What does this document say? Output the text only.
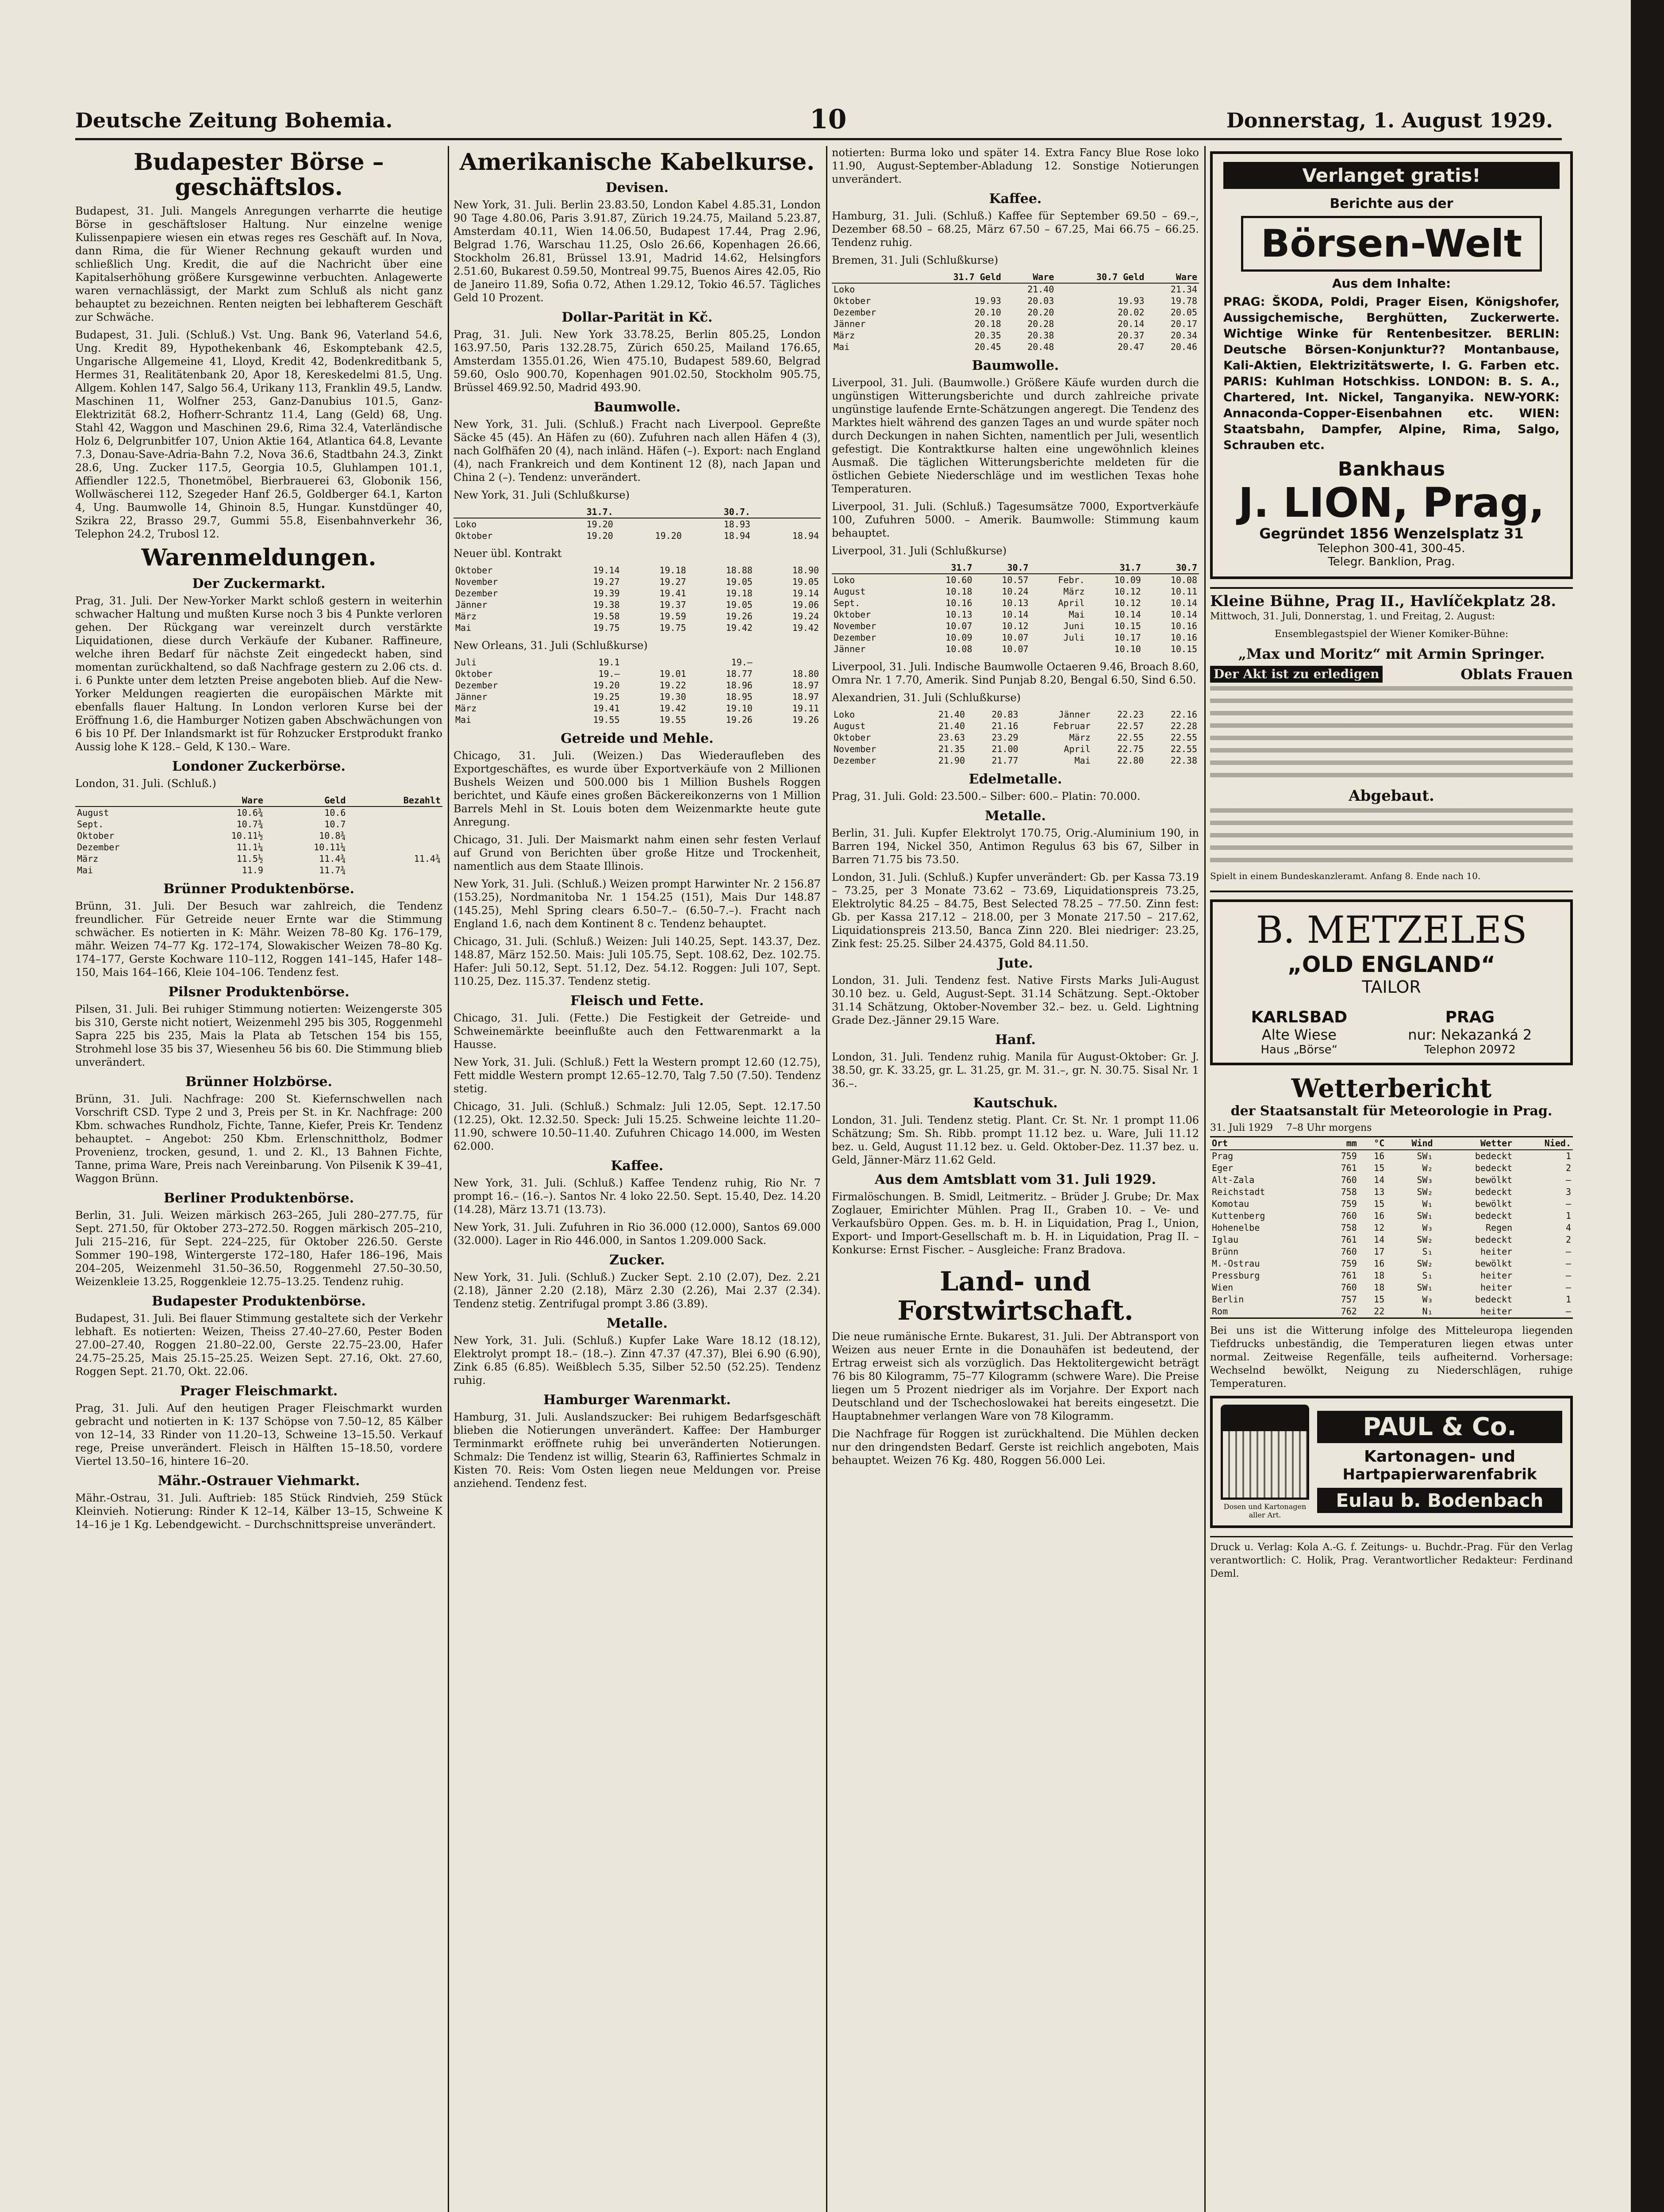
Deutsche Zeitung Bohemia.	10	Donnerstag, 1. August 1929.
Budapester Börse – geschäftslos.

Budapest, 31. Juli. Mangels Anregungen verharrte die heutige Börse in geschäftsloser Haltung. Nur einzelne wenige Kulissenpapiere wiesen ein etwas reges res Geschäft auf. In Nova, dann Rima, die für Wiener Rechnung gekauft wurden und schließlich Ung. Kredit, die auf die Nachricht über eine Kapitalserhöhung größere Kursgewinne verbuchten. Anlagewerte waren vernachlässigt, der Markt zum Schluß als nicht ganz behauptet zu bezeichnen. Renten neigten bei lebhafterem Geschäft zur Schwäche.

Budapest, 31. Juli. (Schluß.) Vst. Ung. Bank 96, Vaterland 54.6, Ung. Kredit 89, Hypothekenbank 46, Eskomptebank 42.5, Ungarische Allgemeine 41, Lloyd, Kredit 42, Bodenkreditbank 5, Hermes 31, Realitätenbank 20, Apor 18, Kereskedelmi 81.5, Ung. Allgem. Kohlen 147, Salgo 56.4, Urikany 113, Franklin 49.5, Landw. Maschinen 11, Wolfner 253, Ganz-Danubius 101.5, Ganz-Elektrizität 68.2, Hofherr-Schrantz 11.4, Lang (Geld) 68, Ung. Stahl 42, Waggon und Maschinen 29.6, Rima 32.4, Vaterländische Holz 6, Delgrunbitfer 107, Union Aktie 164, Atlantica 64.8, Levante 7.3, Donau-Save-Adria-Bahn 7.2, Nova 36.6, Stadtbahn 24.3, Zinkt 28.6, Ung. Zucker 117.5, Georgia 10.5, Gluhlampen 101.1, Affiendler 122.5, Thonetmöbel, Bierbrauerei 63, Globonik 156, Wollwäscherei 112, Szegeder Hanf 26.5, Goldberger 64.1, Karton 4, Ung. Baumwolle 14, Ghinoin 8.5, Hungar. Kunstdünger 40, Szikra 22, Brasso 29.7, Gummi 55.8, Eisenbahnverkehr 36, Telephon 24.2, Trubosl 12.

Warenmeldungen.
Der Zuckermarkt.

Prag, 31. Juli. Der New-Yorker Markt schloß gestern in weiterhin schwacher Haltung und mußten Kurse noch 3 bis 4 Punkte verloren gehen. Der Rückgang war vereinzelt durch verstärkte Liquidationen, diese durch Verkäufe der Kubaner. Raffineure, welche ihren Bedarf für nächste Zeit eingedeckt haben, sind momentan zurückhaltend, so daß Nachfrage gestern zu 2.06 cts. d. i. 6 Punkte unter dem letzten Preise angeboten blieb. Auf die New-Yorker Meldungen reagierten die europäischen Märkte mit ebenfalls flauer Haltung. In London verloren Kurse bei der Eröffnung 1.6, die Hamburger Notizen gaben Abschwächungen von 6 bis 10 Pf. Der Inlandsmarkt ist für Rohzucker Erstprodukt franko Aussig lohe K 128.– Geld, K 130.– Ware.

Londoner Zuckerbörse.

London, 31. Juli. (Schluß.)

	Ware	Geld	Bezahlt
August	10.6¾	10.6	
Sept.	10.7¾	10.7	
Oktober	10.11½	10.8¾	
Dezember	11.1¼	10.11¼	
März	11.5½	11.4¾	11.4¾
Mai	11.9	11.7¾	
Brünner Produktenbörse.

Brünn, 31. Juli. Der Besuch war zahlreich, die Tendenz freundlicher. Für Getreide neuer Ernte war die Stimmung schwächer. Es notierten in K: Mähr. Weizen 78–80 Kg. 176–179, mähr. Weizen 74–77 Kg. 172–174, Slowakischer Weizen 78–80 Kg. 174–177, Gerste Kochware 110–112, Roggen 141–145, Hafer 148–150, Mais 164–166, Kleie 104–106. Tendenz fest.

Pilsner Produktenbörse.

Pilsen, 31. Juli. Bei ruhiger Stimmung notierten: Weizengerste 305 bis 310, Gerste nicht notiert, Weizenmehl 295 bis 305, Roggenmehl Sapra 225 bis 235, Mais la Plata ab Tetschen 154 bis 155, Strohmehl lose 35 bis 37, Wiesenheu 56 bis 60. Die Stimmung blieb unverändert.

Brünner Holzbörse.

Brünn, 31. Juli. Nachfrage: 200 St. Kiefernschwellen nach Vorschrift CSD. Type 2 und 3, Preis per St. in Kr. Nachfrage: 200 Kbm. schwaches Rundholz, Fichte, Tanne, Kiefer, Preis Kr. Tendenz behauptet. – Angebot: 250 Kbm. Erlenschnittholz, Bodmer Provenienz, trocken, gesund, 1. und 2. Kl., 13 Bahnen Fichte, Tanne, prima Ware, Preis nach Vereinbarung. Von Pilsenik K 39–41, Waggon Brünn.

Berliner Produktenbörse.

Berlin, 31. Juli. Weizen märkisch 263–265, Juli 280–277.75, für Sept. 271.50, für Oktober 273–272.50. Roggen märkisch 205–210, Juli 215–216, für Sept. 224–225, für Oktober 226.50. Gerste Sommer 190–198, Wintergerste 172–180, Hafer 186–196, Mais 204–205, Weizenmehl 31.50–36.50, Roggenmehl 27.50–30.50, Weizenkleie 13.25, Roggenkleie 12.75–13.25. Tendenz ruhig.

Budapester Produktenbörse.

Budapest, 31. Juli. Bei flauer Stimmung gestaltete sich der Verkehr lebhaft. Es notierten: Weizen, Theiss 27.40–27.60, Pester Boden 27.00–27.40, Roggen 21.80–22.00, Gerste 22.75–23.00, Hafer 24.75–25.25, Mais 25.15–25.25. Weizen Sept. 27.16, Okt. 27.60, Roggen Sept. 21.70, Okt. 22.06.

Prager Fleischmarkt.

Prag, 31. Juli. Auf den heutigen Prager Fleischmarkt wurden gebracht und notierten in K: 137 Schöpse von 7.50–12, 85 Kälber von 12–14, 33 Rinder von 11.20–13, Schweine 13–15.50. Verkauf rege, Preise unverändert. Fleisch in Hälften 15–18.50, vordere Viertel 13.50–16, hintere 16–20.

Mähr.-Ostrauer Viehmarkt.

Mähr.-Ostrau, 31. Juli. Auftrieb: 185 Stück Rindvieh, 259 Stück Kleinvieh. Notierung: Rinder K 12–14, Kälber 13–15, Schweine K 14–16 je 1 Kg. Lebendgewicht. – Durchschnittspreise unverändert.

Amerikanische Kabelkurse.
Devisen.

New York, 31. Juli. Berlin 23.83.50, London Kabel 4.85.31, London 90 Tage 4.80.06, Paris 3.91.87, Zürich 19.24.75, Mailand 5.23.87, Amsterdam 40.11, Wien 14.06.50, Budapest 17.44, Prag 2.96, Belgrad 1.76, Warschau 11.25, Oslo 26.66, Kopenhagen 26.66, Stockholm 26.81, Brüssel 13.91, Madrid 14.62, Helsingfors 2.51.60, Bukarest 0.59.50, Montreal 99.75, Buenos Aires 42.05, Rio de Janeiro 11.89, Sofia 0.72, Athen 1.29.12, Tokio 46.57. Tägliches Geld 10 Prozent.

Dollar-Parität in Kč.

Prag, 31. Juli. New York 33.78.25, Berlin 805.25, London 163.97.50, Paris 132.28.75, Zürich 650.25, Mailand 176.65, Amsterdam 1355.01.26, Wien 475.10, Budapest 589.60, Belgrad 59.60, Oslo 900.70, Kopenhagen 901.02.50, Stockholm 905.75, Brüssel 469.92.50, Madrid 493.90.

Baumwolle.

New York, 31. Juli. (Schluß.) Fracht nach Liverpool. Gepreßte Säcke 45 (45). An Häfen zu (60). Zufuhren nach allen Häfen 4 (3), nach Golfhäfen 20 (4), nach inländ. Häfen (–). Export: nach England (4), nach Frankreich und dem Kontinent 12 (8), nach Japan und China 2 (–). Tendenz: unverändert.

New York, 31. Juli (Schlußkurse)

	31.7.		30.7.	
Loko	19.20		18.93	
Oktober	19.20	19.20	18.94	18.94

Neuer übl. Kontrakt

Oktober	19.14	19.18	18.88	18.90
November	19.27	19.27	19.05	19.05
Dezember	19.39	19.41	19.18	19.14
Jänner	19.38	19.37	19.05	19.06
März	19.58	19.59	19.26	19.24
Mai	19.75	19.75	19.42	19.42

New Orleans, 31. Juli (Schlußkurse)

Juli	19.1		19.–	
Oktober	19.–	19.01	18.77	18.80
Dezember	19.20	19.22	18.96	18.97
Jänner	19.25	19.30	18.95	18.97
März	19.41	19.42	19.10	19.11
Mai	19.55	19.55	19.26	19.26
Getreide und Mehle.

Chicago, 31. Juli. (Weizen.) Das Wiederaufleben des Exportgeschäftes, es wurde über Exportverkäufe von 2 Millionen Bushels Weizen und 500.000 bis 1 Million Bushels Roggen berichtet, und Käufe eines großen Bäckereikonzerns von 1 Million Barrels Mehl in St. Louis boten dem Weizenmarkte heute gute Anregung.

Chicago, 31. Juli. Der Maismarkt nahm einen sehr festen Verlauf auf Grund von Berichten über große Hitze und Trockenheit, namentlich aus dem Staate Illinois.

New York, 31. Juli. (Schluß.) Weizen prompt Harwinter Nr. 2 156.87 (153.25), Nordmanitoba Nr. 1 154.25 (151), Mais Dur 148.87 (145.25), Mehl Spring clears 6.50–7.– (6.50–7.–). Fracht nach England 1.6, nach dem Kontinent 8 c. Tendenz behauptet.

Chicago, 31. Juli. (Schluß.) Weizen: Juli 140.25, Sept. 143.37, Dez. 148.87, März 152.50. Mais: Juli 105.75, Sept. 108.62, Dez. 102.75. Hafer: Juli 50.12, Sept. 51.12, Dez. 54.12. Roggen: Juli 107, Sept. 110.25, Dez. 115.37. Tendenz stetig.

Fleisch und Fette.

Chicago, 31. Juli. (Fette.) Die Festigkeit der Getreide- und Schweinemärkte beeinflußte auch den Fettwarenmarkt a la Hausse.

New York, 31. Juli. (Schluß.) Fett la Western prompt 12.60 (12.75), Fett middle Western prompt 12.65–12.70, Talg 7.50 (7.50). Tendenz stetig.

Chicago, 31. Juli. (Schluß.) Schmalz: Juli 12.05, Sept. 12.17.50 (12.25), Okt. 12.32.50. Speck: Juli 15.25. Schweine leichte 11.20–11.90, schwere 10.50–11.40. Zufuhren Chicago 14.000, im Westen 62.000.

Kaffee.

New York, 31. Juli. (Schluß.) Kaffee Tendenz ruhig, Rio Nr. 7 prompt 16.– (16.–). Santos Nr. 4 loko 22.50. Sept. 15.40, Dez. 14.20 (14.28), März 13.71 (13.73).

New York, 31. Juli. Zufuhren in Rio 36.000 (12.000), Santos 69.000 (32.000). Lager in Rio 446.000, in Santos 1.209.000 Sack.

Zucker.

New York, 31. Juli. (Schluß.) Zucker Sept. 2.10 (2.07), Dez. 2.21 (2.18), Jänner 2.20 (2.18), März 2.30 (2.26), Mai 2.37 (2.34). Tendenz stetig. Zentrifugal prompt 3.86 (3.89).

Metalle.

New York, 31. Juli. (Schluß.) Kupfer Lake Ware 18.12 (18.12), Elektrolyt prompt 18.– (18.–). Zinn 47.37 (47.37), Blei 6.90 (6.90), Zink 6.85 (6.85). Weißblech 5.35, Silber 52.50 (52.25). Tendenz ruhig.

Hamburger Warenmarkt.

Hamburg, 31. Juli. Auslandszucker: Bei ruhigem Bedarfsgeschäft blieben die Notierungen unverändert. Kaffee: Der Hamburger Terminmarkt eröffnete ruhig bei unveränderten Notierungen. Schmalz: Die Tendenz ist willig, Stearin 63, Raffiniertes Schmalz in Kisten 70. Reis: Vom Osten liegen neue Meldungen vor. Preise anziehend. Tendenz fest.

notierten: Burma loko und später 14. Extra Fancy Blue Rose loko 11.90, August-September-Abladung 12. Sonstige Notierungen unverändert.

Kaffee.

Hamburg, 31. Juli. (Schluß.) Kaffee für September 69.50 – 69.–, Dezember 68.50 – 68.25, März 67.50 – 67.25, Mai 66.75 – 66.25. Tendenz ruhig.

Bremen, 31. Juli (Schlußkurse)

	31.7 Geld	Ware	30.7 Geld	Ware
Loko		21.40		21.34
Oktober	19.93	20.03	19.93	19.78
Dezember	20.10	20.20	20.02	20.05
Jänner	20.18	20.28	20.14	20.17
März	20.35	20.38	20.37	20.34
Mai	20.45	20.48	20.47	20.46
Baumwolle.

Liverpool, 31. Juli. (Baumwolle.) Größere Käufe wurden durch die ungünstigen Witterungsberichte und durch zahlreiche private ungünstige laufende Ernte-Schätzungen angeregt. Die Tendenz des Marktes hielt während des ganzen Tages an und wurde später noch durch Deckungen in nahen Sichten, namentlich per Juli, wesentlich gefestigt. Die Kontraktkurse halten eine ungewöhnlich kleines Ausmaß. Die täglichen Witterungsberichte meldeten für die östlichen Gebiete Niederschläge und im westlichen Texas hohe Temperaturen.

Liverpool, 31. Juli. (Schluß.) Tagesumsätze 7000, Exportverkäufe 100, Zufuhren 5000. – Amerik. Baumwolle: Stimmung kaum behauptet.

Liverpool, 31. Juli (Schlußkurse)

	31.7	30.7		31.7	30.7
Loko	10.60	10.57	Febr.	10.09	10.08
August	10.18	10.24	März	10.12	10.11
Sept.	10.16	10.13	April	10.12	10.14
Oktober	10.13	10.14	Mai	10.14	10.14
November	10.07	10.12	Juni	10.15	10.16
Dezember	10.09	10.07	Juli	10.17	10.16
Jänner	10.08	10.07		10.10	10.15

Liverpool, 31. Juli. Indische Baumwolle Octaeren 9.46, Broach 8.60, Omra Nr. 1 7.70, Amerik. Sind Punjab 8.20, Bengal 6.50, Sind 6.50.

Alexandrien, 31. Juli (Schlußkurse)

Loko	21.40	20.83	Jänner	22.23	22.16
August	21.40	21.16	Februar	22.57	22.28
Oktober	23.63	23.29	März	22.55	22.55
November	21.35	21.00	April	22.75	22.55
Dezember	21.90	21.77	Mai	22.80	22.38
Edelmetalle.

Prag, 31. Juli. Gold: 23.500.– Silber: 600.– Platin: 70.000.

Metalle.

Berlin, 31. Juli. Kupfer Elektrolyt 170.75, Orig.-Aluminium 190, in Barren 194, Nickel 350, Antimon Regulus 63 bis 67, Silber in Barren 71.75 bis 73.50.

London, 31. Juli. (Schluß.) Kupfer unverändert: Gb. per Kassa 73.19 – 73.25, per 3 Monate 73.62 – 73.69, Liquidationspreis 73.25, Elektrolytic 84.25 – 84.75, Best Selected 78.25 – 77.50. Zinn fest: Gb. per Kassa 217.12 – 218.00, per 3 Monate 217.50 – 217.62, Liquidationspreis 213.50, Banca Zinn 220. Blei niedriger: 23.25, Zink fest: 25.25. Silber 24.4375, Gold 84.11.50.

Jute.

London, 31. Juli. Tendenz fest. Native Firsts Marks Juli-August 30.10 bez. u. Geld, August-Sept. 31.14 Schätzung. Sept.-Oktober 31.14 Schätzung, Oktober-November 32.– bez. u. Geld. Lightning Grade Dez.-Jänner 29.15 Ware.

Hanf.

London, 31. Juli. Tendenz ruhig. Manila für August-Oktober: Gr. J. 38.50, gr. K. 33.25, gr. L. 31.25, gr. M. 31.–, gr. N. 30.75. Sisal Nr. 1 36.–.

Kautschuk.

London, 31. Juli. Tendenz stetig. Plant. Cr. St. Nr. 1 prompt 11.06 Schätzung; Sm. Sh. Ribb. prompt 11.12 bez. u. Ware, Juli 11.12 bez. u. Geld, August 11.12 bez. u. Geld. Oktober-Dez. 11.37 bez. u. Geld, Jänner-März 11.62 Geld.

Aus dem Amtsblatt vom 31. Juli 1929.

Firmalöschungen. B. Smidl, Leitmeritz. – Brüder J. Grube; Dr. Max Zoglauer, Emirichter Mühlen. Prag II., Graben 10. – Ve- und Verkaufsbüro Oppen. Ges. m. b. H. in Liquidation, Prag I., Union, Export- und Import-Gesellschaft m. b. H. in Liquidation, Prag II. – Konkurse: Ernst Fischer. – Ausgleiche: Franz Bradova.

Land- und Forstwirtschaft.

Die neue rumänische Ernte. Bukarest, 31. Juli. Der Abtransport von Weizen aus neuer Ernte in die Donauhäfen ist bedeutend, der Ertrag erweist sich als vorzüglich. Das Hektolitergewicht beträgt 76 bis 80 Kilogramm, 75–77 Kilogramm (schwere Ware). Die Preise liegen um 5 Prozent niedriger als im Vorjahre. Der Export nach Deutschland und der Tschechoslowakei hat bereits eingesetzt. Die Hauptabnehmer verlangen Ware von 78 Kilogramm.

Die Nachfrage für Roggen ist zurückhaltend. Die Mühlen decken nur den dringendsten Bedarf. Gerste ist reichlich angeboten, Mais behauptet. Weizen 76 Kg. 480, Roggen 56.000 Lei.

Verlanget gratis!
Berichte aus der
Börsen-Welt
Aus dem Inhalte:

PRAG: ŠKODA, Poldi, Prager Eisen, Königshofer, Aussigchemische, Berghütten, Zuckerwerte. Wichtige Winke für Rentenbesitzer. BERLIN: Deutsche Börsen-Konjunktur?? Montanbause, Kali-Aktien, Elektrizitätswerte, I. G. Farben etc. PARIS: Kuhlman Hotschkiss. LONDON: B. S. A., Chartered, Int. Nickel, Tanganyika. NEW-YORK: Annaconda-Copper-Eisenbahnen etc. WIEN: Staatsbahn, Dampfer, Alpine, Rima, Salgo, Schrauben etc.

Bankhaus
J. LION, Prag,
Gegründet 1856 Wenzelsplatz 31
Telephon 300-41, 300-45.
Telegr. Banklion, Prag.
Kleine Bühne, Prag II., Havlíčekplatz 28.

Mittwoch, 31. Juli, Donnerstag, 1. und Freitag, 2. August:

Ensemblegastspiel der Wiener Komiker-Bühne:

„Max und Moritz“ mit Armin Springer.
Der Akt ist zu erledigen	Oblats Frauen
Abgebaut.

Spielt in einem Bundeskanzleramt. Anfang 8. Ende nach 10.

B. METZELES
„OLD ENGLAND“
TAILOR
KARLSBAD
Alte Wiese
Haus „Börse“
PRAG
nur: Nekazanká 2
Telephon 20972
Wetterbericht
der Staatsanstalt für Meteorologie in Prag.
31. Juli 1929 7–8 Uhr morgens
Ort	mm	°C	Wind	Wetter	Nied.
Prag	759	16	SW₁	bedeckt	1
Eger	761	15	W₂	bedeckt	2
Alt-Zala	760	14	SW₃	bewölkt	–
Reichstadt	758	13	SW₂	bedeckt	3
Komotau	759	15	W₁	bewölkt	–
Kuttenberg	760	16	SW₁	bedeckt	1
Hohenelbe	758	12	W₃	Regen	4
Iglau	761	14	SW₂	bedeckt	2
Brünn	760	17	S₁	heiter	–
M.-Ostrau	759	16	SW₂	bewölkt	–
Pressburg	761	18	S₁	heiter	–
Wien	760	18	SW₁	heiter	–
Berlin	757	15	W₃	bedeckt	1
Rom	762	22	N₁	heiter	–

Bei uns ist die Witterung infolge des Mitteleuropa liegenden Tiefdrucks unbeständig, die Temperaturen liegen etwas unter normal. Zeitweise Regenfälle, teils aufheiternd. Vorhersage: Wechselnd bewölkt, Neigung zu Niederschlägen, ruhige Temperaturen.

Dosen und Kartonagen aller Art.
PAUL & Co.
Kartonagen- und
Hartpapierwarenfabrik
Eulau b. Bodenbach

Druck u. Verlag: Kola A.-G. f. Zeitungs- u. Buchdr.-Prag. Für den Verlag verantwortlich: C. Holik, Prag. Verantwortlicher Redakteur: Ferdinand Deml.
